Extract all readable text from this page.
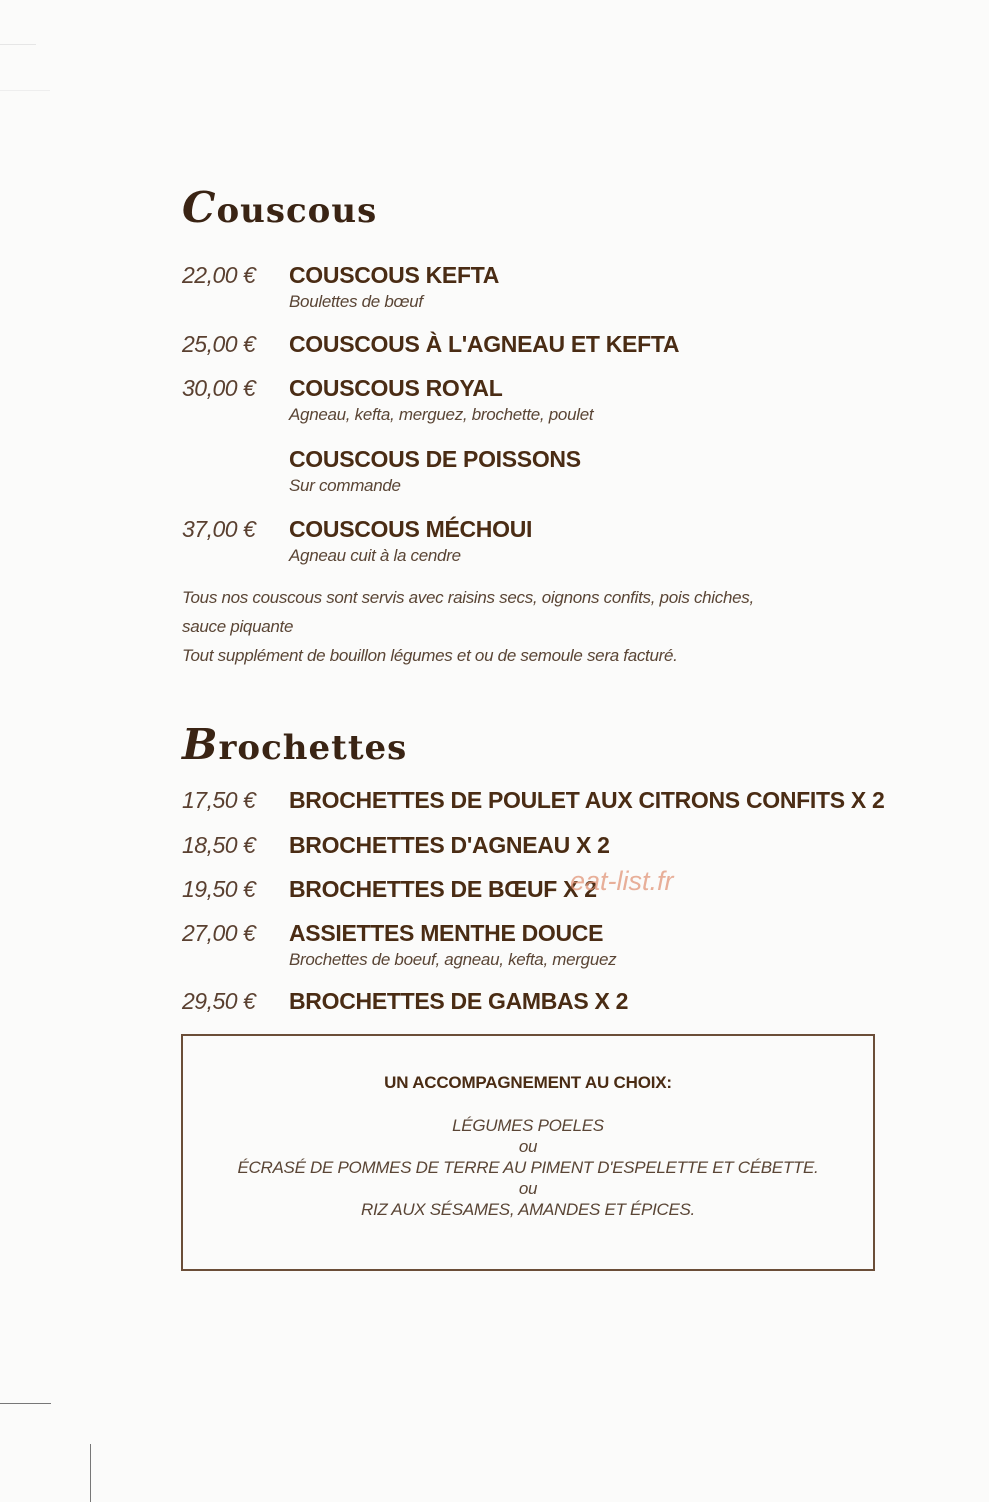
Couscous
22,00 €	COUSCOUS KEFTA
Boulettes de bœuf
25,00 €	COUSCOUS À L'AGNEAU ET KEFTA
30,00 €	COUSCOUS ROYAL
Agneau, kefta, merguez, brochette, poulet
COUSCOUS DE POISSONS
Sur commande
37,00 €	COUSCOUS MÉCHOUI
Agneau cuit à la cendre
Tous nos couscous sont servis avec raisins secs, oignons confits, pois chiches,
sauce piquante
Tout supplément de bouillon légumes et ou de semoule sera facturé.
Brochettes
17,50 €	BROCHETTES DE POULET AUX CITRONS CONFITS X 2
18,50 €	BROCHETTES D'AGNEAU X 2
19,50 €	BROCHETTES DE BŒUF X 2
27,00 €	ASSIETTES MENTHE DOUCE
Brochettes de boeuf, agneau, kefta, merguez
29,50 €	BROCHETTES DE GAMBAS X 2
eat-list.fr
UN ACCOMPAGNEMENT AU CHOIX:
LÉGUMES POELES
ou
ÉCRASÉ DE POMMES DE TERRE AU PIMENT D'ESPELETTE ET CÉBETTE.
ou
RIZ AUX SÉSAMES, AMANDES ET ÉPICES.
